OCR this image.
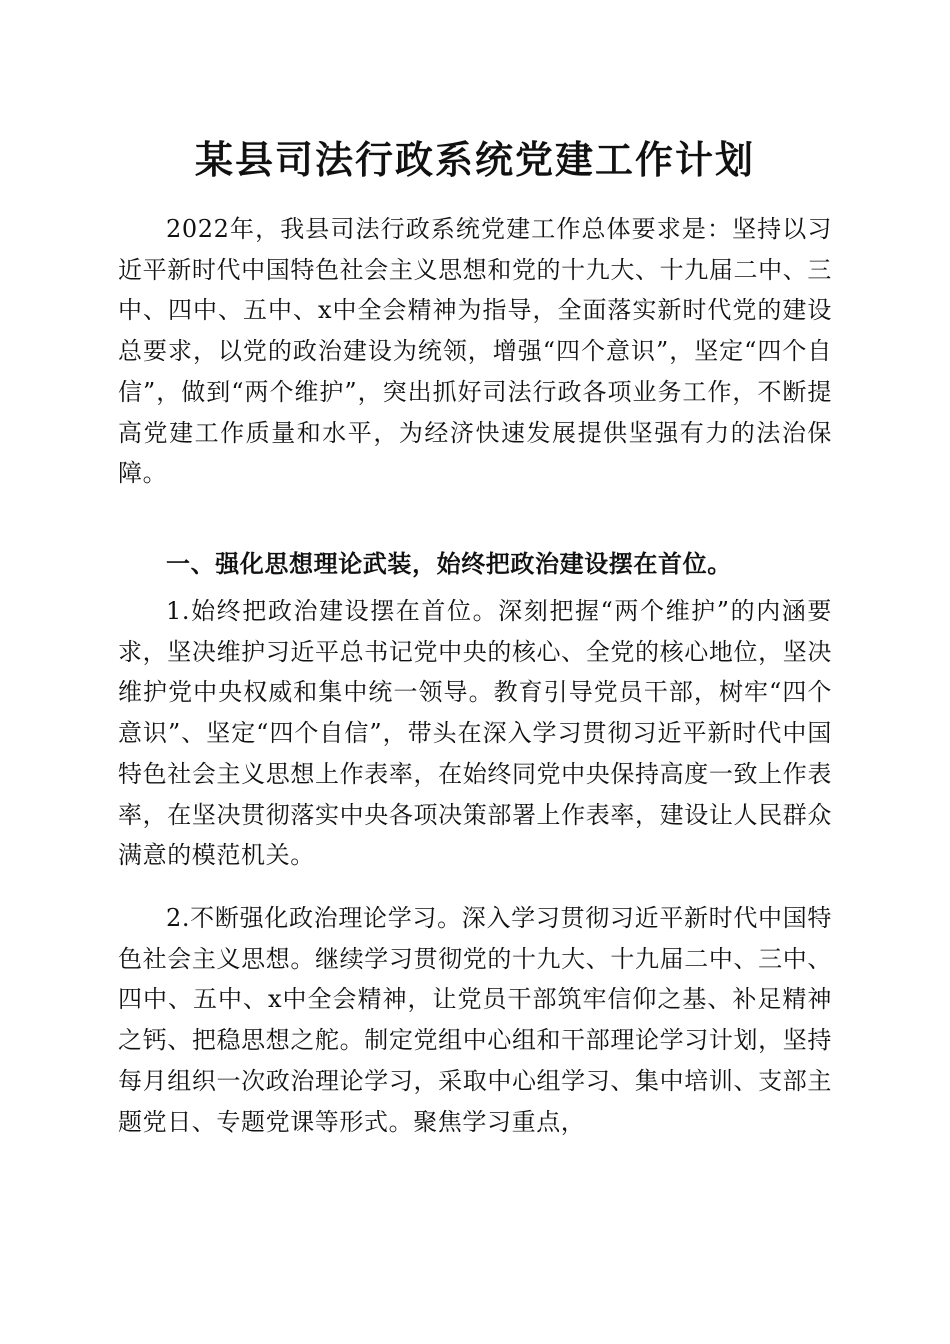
某县司法行政系统党建工作计划

2022年，我县司法行政系统党建工作总体要求是：坚持以习近平新时代中国特色社会主义思想和党的十九大、十九届二中、三中、四中、五中、x中全会精神为指导，全面落实新时代党的建设总要求，以党的政治建设为统领，增强“四个意识”，坚定“四个自信”，做到“两个维护”，突出抓好司法行政各项业务工作，不断提高党建工作质量和水平，为经济快速发展提供坚强有力的法治保障。

一、强化思想理论武装，始终把政治建设摆在首位。

1.始终把政治建设摆在首位。深刻把握“两个维护”的内涵要求，坚决维护习近平总书记党中央的核心、全党的核心地位，坚决维护党中央权威和集中统一领导。教育引导党员干部，树牢“四个意识”、坚定“四个自信”，带头在深入学习贯彻习近平新时代中国特色社会主义思想上作表率，在始终同党中央保持高度一致上作表率，在坚决贯彻落实中央各项决策部署上作表率，建设让人民群众满意的模范机关。

2.不断强化政治理论学习。深入学习贯彻习近平新时代中国特色社会主义思想。继续学习贯彻党的十九大、十九届二中、三中、四中、五中、x中全会精神，让党员干部筑牢信仰之基、补足精神之钙、把稳思想之舵。制定党组中心组和干部理论学习计划，坚持每月组织一次政治理论学习，采取中心组学习、集中培训、支部主题党日、专题党课等形式。聚焦学习重点，
